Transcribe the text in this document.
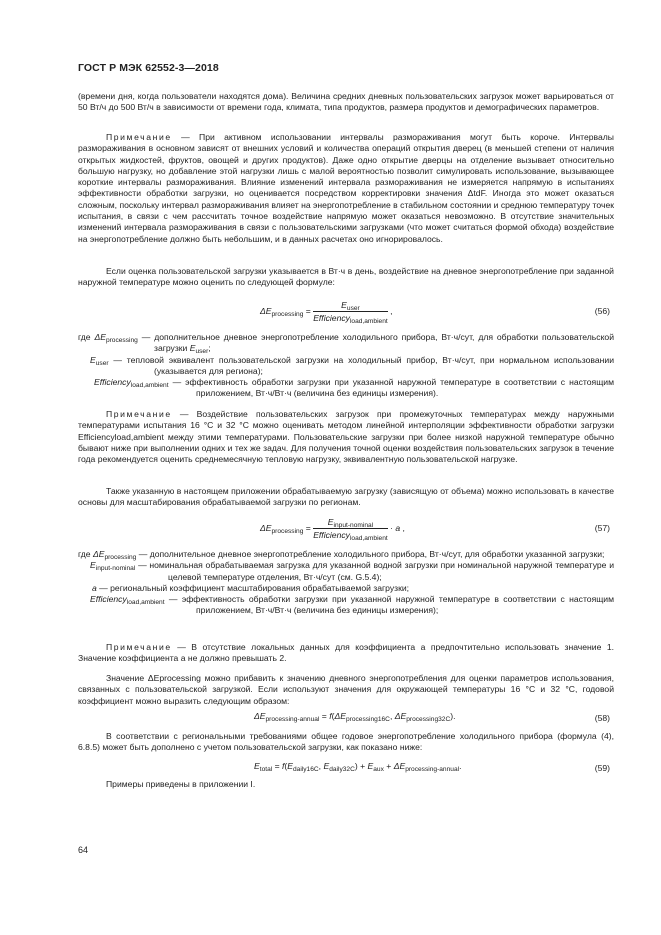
ГОСТ Р МЭК 62552-3—2018
(времени дня, когда пользователи находятся дома). Величина средних дневных пользовательских загрузок может варьироваться от 50 Вт/ч до 500 Вт/ч в зависимости от времени года, климата, типа продуктов, размера продуктов и демографических параметров.
Примечание — При активном использовании интервалы размораживания могут быть короче. Интервалы размораживания в основном зависят от внешних условий и количества операций открытия дверец (в меньшей степени от наличия открытых жидкостей, фруктов, овощей и других продуктов). Даже одно открытие дверцы на отделение вызывает относительно большую нагрузку, но добавление этой нагрузки лишь с малой вероятностью позволит симулировать использование, вызывающее короткие интервалы размораживания. Влияние изменений интервала размораживания не измеряется напрямую в испытаниях эффективности обработки загрузки, но оценивается посредством корректировки значения ΔtdF. Иногда это может оказаться сложным, поскольку интервал размораживания влияет на энергопотребление в стабильном состоянии и среднюю температуру точек испытания, в связи с чем рассчитать точное воздействие напрямую может оказаться невозможно. В отсутствие значительных изменений интервала размораживания в связи с пользовательскими загрузками (что может считаться формой обхода) воздействие на энергопотребление должно быть небольшим, и в данных расчетах оно игнорировалось.
Если оценка пользовательской загрузки указывается в Вт·ч в день, воздействие на дневное энергопотребление при заданной наружной температуре можно оценить по следующей формуле:
$\Delta E_{processing} = \frac{E_{user}}{Efficiency_{load,ambient}}$ ,	(56)
где $\Delta E_{processing}$ — дополнительное дневное энергопотребление холодильного прибора, Вт·ч/сут, для обработки пользовательской загрузки $E_{user}$;
$E_{user}$ — тепловой эквивалент пользовательской загрузки на холодильный прибор, Вт·ч/сут, при нормальном использовании (указывается для региона);
Efficiency$_{load,ambient}$ — эффективность обработки загрузки при указанной наружной температуре в соответствии с настоящим приложением, Вт·ч/Вт·ч (величина без единицы измерения).
Примечание — Воздействие пользовательских загрузок при промежуточных температурах между наружными температурами испытания 16 °C и 32 °C можно оценивать методом линейной интерполяции эффективности обработки загрузки Efficiencyload,ambient между этими температурами. Пользовательские загрузки при более низкой наружной температуре обычно бывают ниже при выполнении одних и тех же задач. Для получения точной оценки воздействия пользовательских загрузок в течение года рекомендуется оценить среднемесячную тепловую нагрузку, эквивалентную пользовательской нагрузке.
Также указанную в настоящем приложении обрабатываемую загрузку (зависящую от объема) можно использовать в качестве основы для масштабирования обрабатываемой загрузки по регионам.
$\Delta E_{processing} = \frac{E_{input-nominal}}{Efficiency_{load,ambient}} \cdot a$ ,	(57)
где $\Delta E_{processing}$ — дополнительное дневное энергопотребление холодильного прибора, Вт·ч/сут, для обработки указанной загрузки;
$E_{input-nominal}$ — номинальная обрабатываемая загрузка для указанной водной загрузки при номинальной наружной температуре и целевой температуре отделения, Вт·ч/сут (см. G.5.4);
a — региональный коэффициент масштабирования обрабатываемой загрузки;
Efficiency$_{load,ambient}$ — эффективность обработки загрузки при указанной наружной температуре в соответствии с настоящим приложением, Вт·ч/Вт·ч (величина без единицы измерения);
Примечание — В отсутствие локальных данных для коэффициента a предпочтительно использовать значение 1. Значение коэффициента a не должно превышать 2.
Значение ΔEprocessing можно прибавить к значению дневного энергопотребления для оценки параметров использования, связанных с пользовательской загрузкой. Если используют значения для окружающей температуры 16 °C и 32 °C, годовой коэффициент можно выразить следующим образом:
$\Delta E_{processing-annual} = f(\Delta E_{processing16C}$, $\Delta E_{processing32C}$).	(58)
В соответствии с региональными требованиями общее годовое энергопотребление холодильного прибора (формула (4), 6.8.5) может быть дополнено с учетом пользовательской загрузки, как показано ниже:
$E_{total} = f(E_{daily16C}$, $E_{daily32C}) + E_{aux} + \Delta E_{processing-annual}$.	(59)
Примеры приведены в приложении I.
64
